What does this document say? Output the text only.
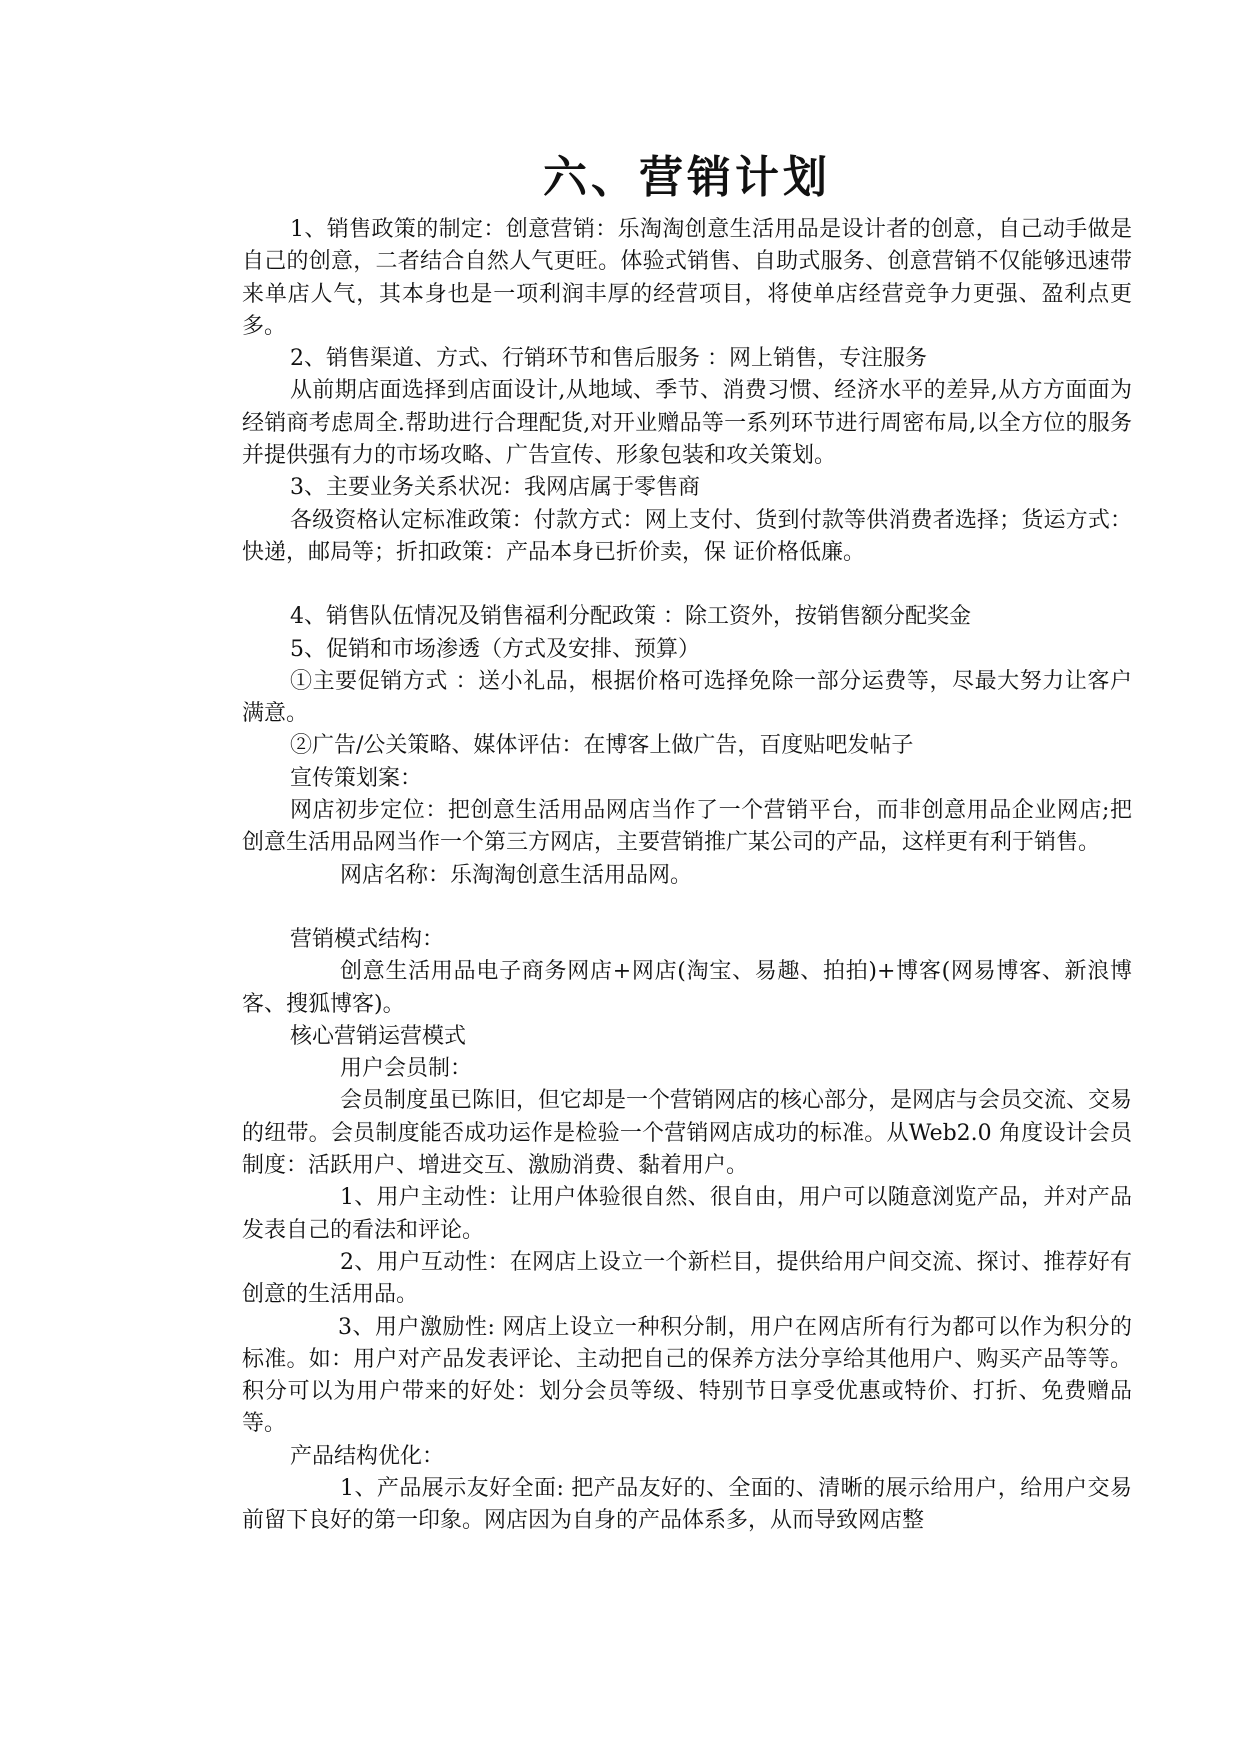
六、营销计划

1、销售政策的制定：创意营销：乐淘淘创意生活用品是设计者的创意，自己动手做是自己的创意，二者结合自然人气更旺。体验式销售、自助式服务、创意营销不仅能够迅速带来单店人气，其本身也是一项利润丰厚的经营项目，将使单店经营竞争力更强、盈利点更多。

2、销售渠道、方式、行销环节和售后服务 ：网上销售，专注服务

从前期店面选择到店面设计,从地域、季节、消费习惯、经济水平的差异,从方方面面为经销商考虑周全.帮助进行合理配货,对开业赠品等一系列环节进行周密布局,以全方位的服务并提供强有力的市场攻略、广告宣传、形象包装和攻关策划。

3、主要业务关系状况：我网店属于零售商

各级资格认定标准政策：付款方式：网上支付、货到付款等供消费者选择；货运方式：快递，邮局等；折扣政策：产品本身已折价卖，保 证价格低廉。

4、销售队伍情况及销售福利分配政策 ：除工资外，按销售额分配奖金

5、促销和市场渗透（方式及安排、预算）

①主要促销方式 ：送小礼品，根据价格可选择免除一部分运费等，尽最大努力让客户满意。

②广告/公关策略、媒体评估：在博客上做广告，百度贴吧发帖子

宣传策划案：

网店初步定位：把创意生活用品网店当作了一个营销平台，而非创意用品企业网店;把创意生活用品网当作一个第三方网店，主要营销推广某公司的产品，这样更有利于销售。

网店名称：乐淘淘创意生活用品网。

营销模式结构：

创意生活用品电子商务网店+网店(淘宝、易趣、拍拍)+博客(网易博客、新浪博客、搜狐博客)。

核心营销运营模式

用户会员制：

会员制度虽已陈旧，但它却是一个营销网店的核心部分，是网店与会员交流、交易的纽带。会员制度能否成功运作是检验一个营销网店成功的标准。从Web2.0 角度设计会员制度：活跃用户、增进交互、激励消费、黏着用户。

1、用户主动性：让用户体验很自然、很自由，用户可以随意浏览产品，并对产品发表自己的看法和评论。

2、用户互动性：在网店上设立一个新栏目，提供给用户间交流、探讨、推荐好有创意的生活用品。

3、用户激励性: 网店上设立一种积分制，用户在网店所有行为都可以作为积分的标准。如：用户对产品发表评论、主动把自己的保养方法分享给其他用户、购买产品等等。积分可以为用户带来的好处：划分会员等级、特别节日享受优惠或特价、打折、免费赠品等。

产品结构优化：

1、产品展示友好全面: 把产品友好的、全面的、清晰的展示给用户，给用户交易前留下良好的第一印象。网店因为自身的产品体系多，从而导致网店整
